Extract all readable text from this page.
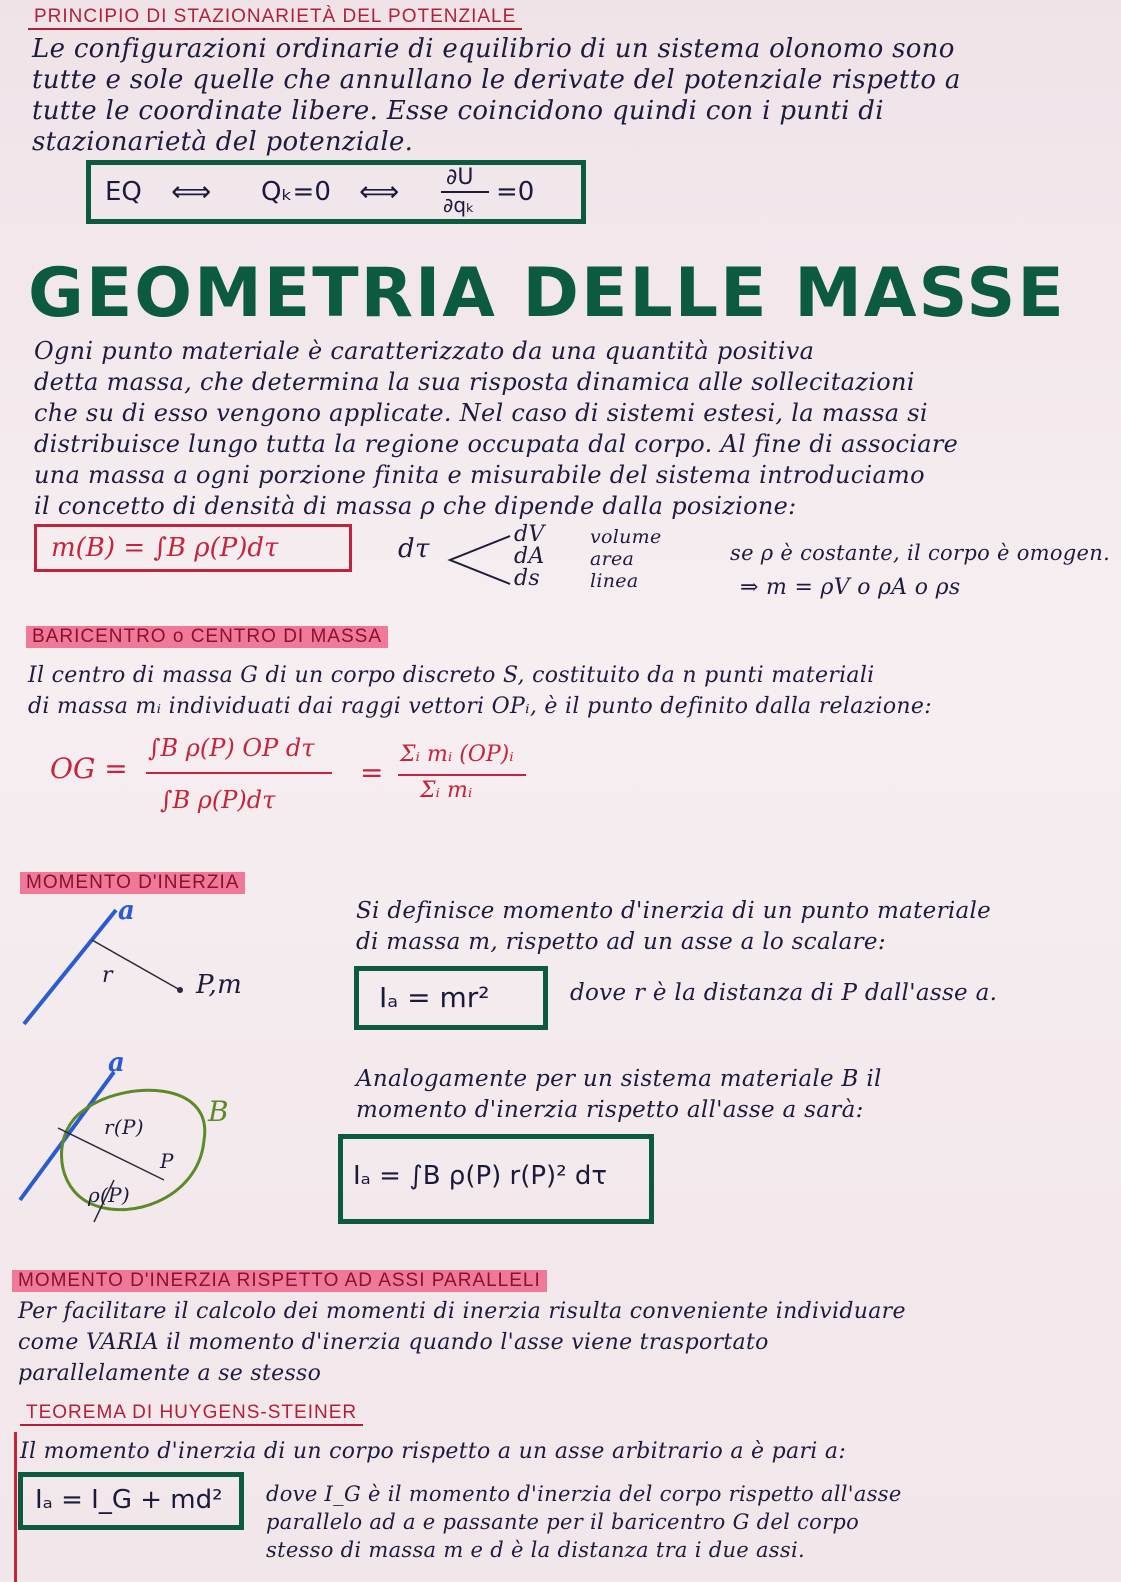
PRINCIPIO DI STAZIONARIETÀ DEL POTENZIALE
Le configurazioni ordinarie di equilibrio di un sistema olonomo sono
tutte e sole quelle che annullano le derivate del potenziale rispetto a
tutte le coordinate libere. Esse coincidono quindi con i punti di
stazionarietà del potenziale.
EQ ⟺ Qₖ=0 ⟺ ∂U
∂qₖ =0
GEOMETRIA DELLE MASSE
Ogni punto materiale è caratterizzato da una quantità positiva
detta massa, che determina la sua risposta dinamica alle sollecitazioni
che su di esso vengono applicate. Nel caso di sistemi estesi, la massa si
distribuisce lungo tutta la regione occupata dal corpo. Al fine di associare
una massa a ogni porzione finita e misurabile del sistema introduciamo
il concetto di densità di massa ρ che dipende dalla posizione:
m(B) = ∫B ρ(P)dτ	dτ	dV
dA
ds
volume
area
linea
se ρ è costante, il corpo è omogen.
⇒ m = ρV o ρA o ρs
BARICENTRO o CENTRO DI MASSA
Il centro di massa G di un corpo discreto S, costituito da n punti materiali
di massa mᵢ individuati dai raggi vettori OPᵢ, è il punto definito dalla relazione:
OG =
∫B ρ(P) OP dτ
∫B ρ(P)dτ
=
Σᵢ mᵢ (OP)ᵢ
Σᵢ mᵢ
MOMENTO D'INERZIA
a
r	P,m
Si definisce momento d'inerzia di un punto materiale
di massa m, rispetto ad un asse a lo scalare:
Iₐ = mr²	dove r è la distanza di P dall'asse a.
a
r(P)
P
ρ(P)
B
Analogamente per un sistema materiale B il
momento d'inerzia rispetto all'asse a sarà:
Iₐ = ∫B ρ(P) r(P)² dτ
MOMENTO D'INERZIA RISPETTO AD ASSI PARALLELI
Per facilitare il calcolo dei momenti di inerzia risulta conveniente individuare
come VARIA il momento d'inerzia quando l'asse viene trasportato
parallelamente a se stesso
TEOREMA DI HUYGENS-STEINER
Il momento d'inerzia di un corpo rispetto a un asse arbitrario a è pari a:
Iₐ = I_G + md² dove I_G è il momento d'inerzia del corpo rispetto all'asse
parallelo ad a e passante per il baricentro G del corpo
stesso di massa m e d è la distanza tra i due assi.
